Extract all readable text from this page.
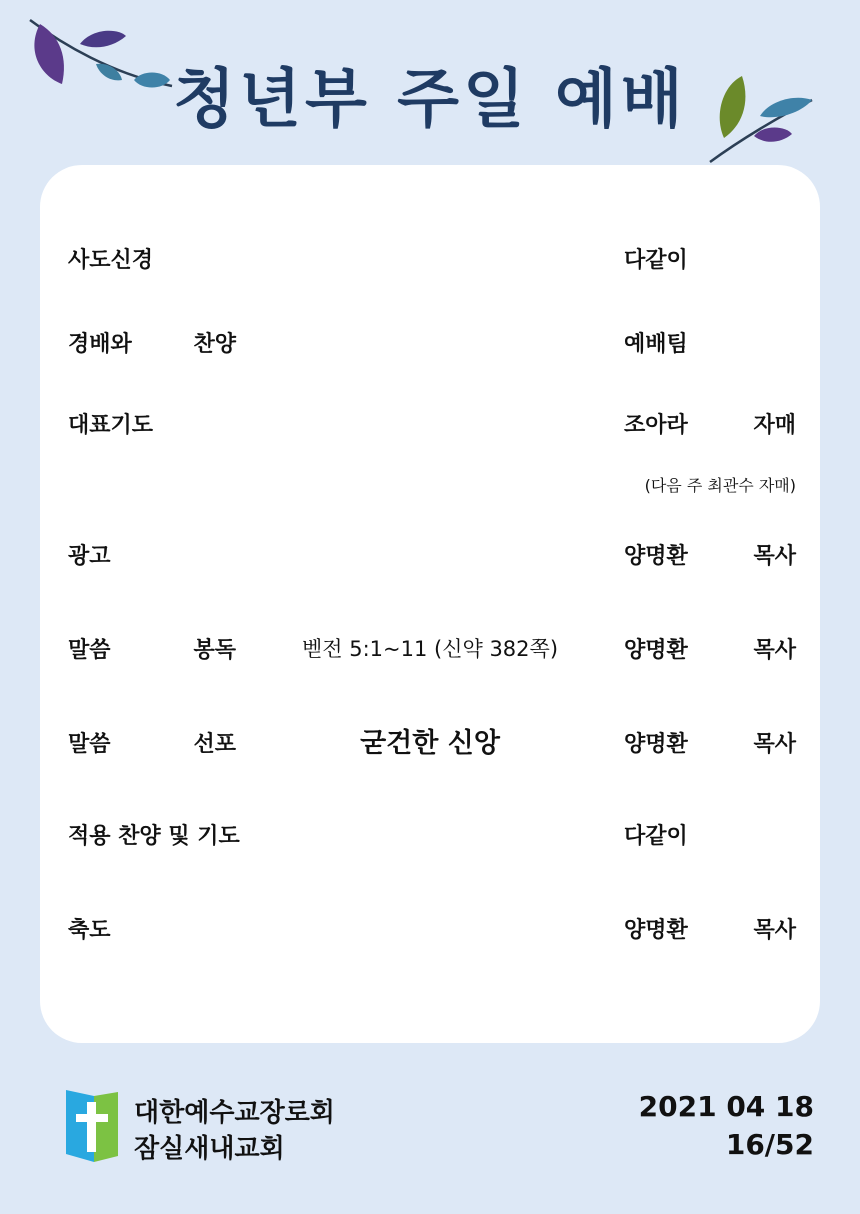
청년부 주일 예배
사도신경	다같이
경배와 찬양	예배팀
대표기도	조아라 자매
(다음 주 최관수 자매)
광고	양명환 목사
말씀 봉독	벧전 5:1~11 (신약 382쪽)	양명환 목사
말씀 선포	굳건한 신앙	양명환 목사
적용 찬양 및 기도	다같이
축도	양명환 목사
대한예수교장로회
잠실새내교회
2021 04 18
16/52
